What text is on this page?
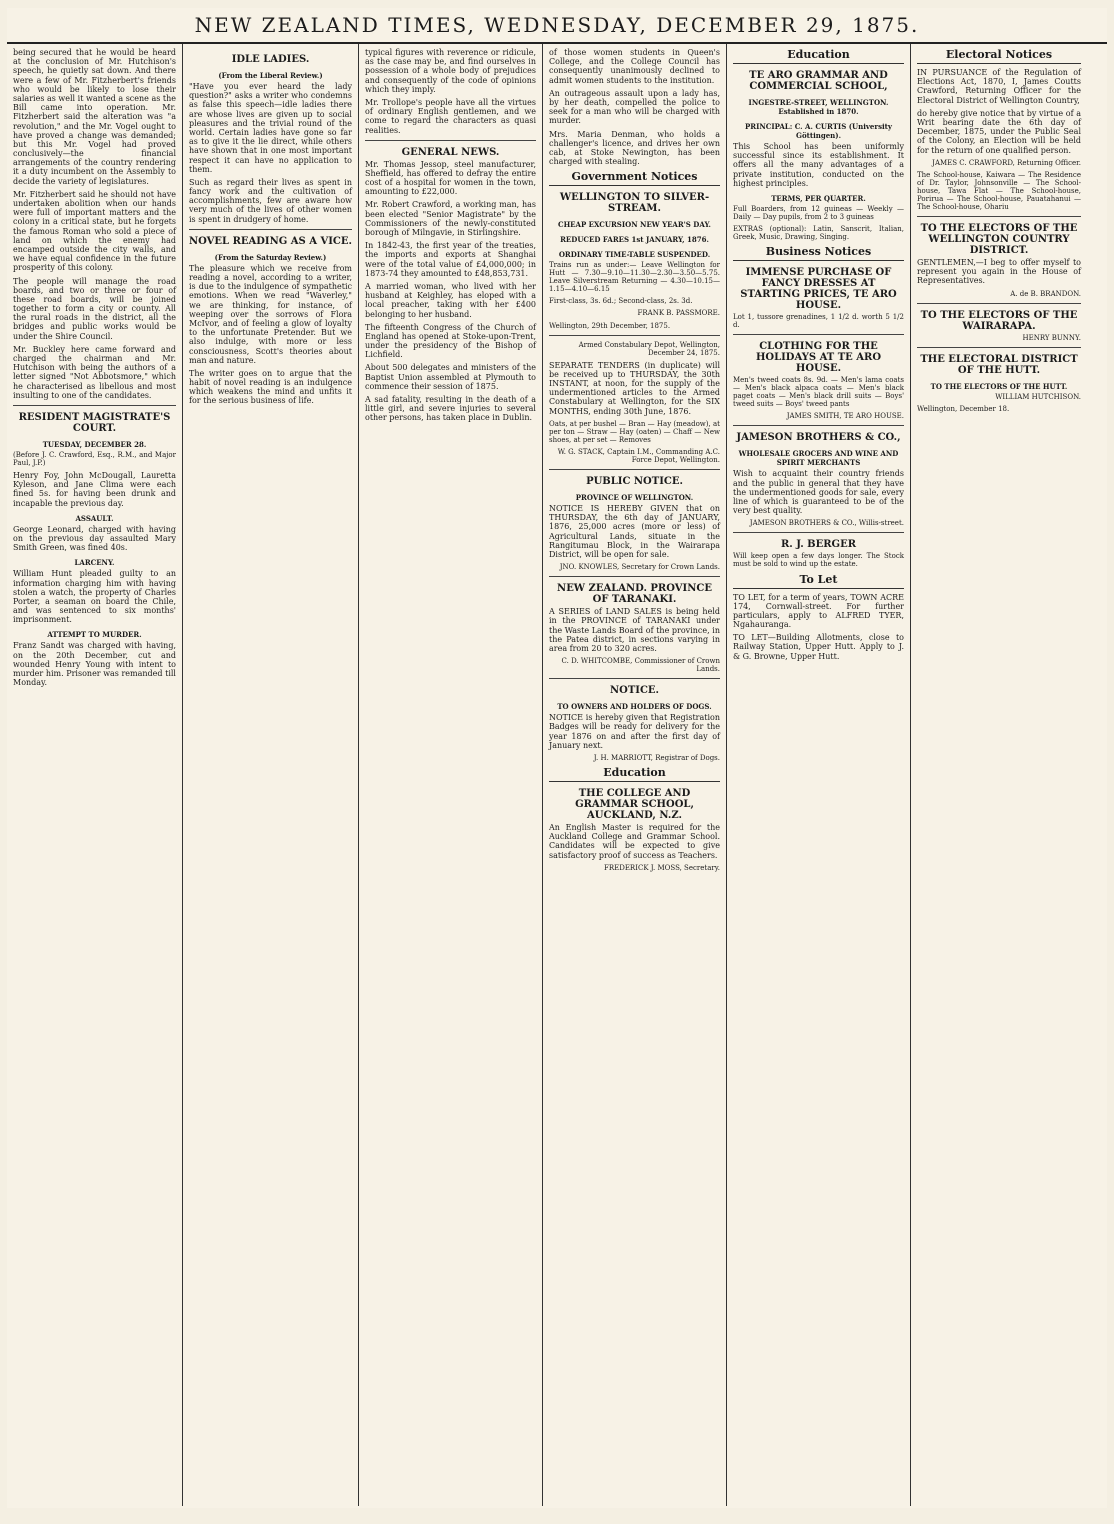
NEW ZEALAND TIMES, WEDNESDAY, DECEMBER 29, 1875.
being secured that he would be heard at the conclusion of Mr. Hutchison's speech, he quietly sat down. And there were a few of Mr. Fitzherbert's friends who would be likely to lose their salaries as well it wanted a scene as the Bill came into operation. Mr. Fitzherbert said the alteration was "a revolution," and the Mr. Vogel ought to have proved a change was demanded; but this Mr. Vogel had proved conclusively—the financial arrangements of the country rendering it a duty incumbent on the Assembly to decide the variety of legislatures.
Mr. Fitzherbert said he should not have undertaken abolition when our hands were full of important matters and the colony in a critical state, but he forgets the famous Roman who sold a piece of land on which the enemy had encamped outside the city walls, and we have equal confidence in the future prosperity of this colony.
The people will manage the road boards, and two or three or four of these road boards, will be joined together to form a city or county. All the rural roads in the district, all the bridges and public works would be under the Shire Council.
Mr. Buckley here came forward and charged the chairman and Mr. Hutchison with being the authors of a letter signed "Not Abbotsmore," which he characterised as libellous and most insulting to one of the candidates.
RESIDENT MAGISTRATE'S COURT.
TUESDAY, DECEMBER 28.
(Before J. C. Crawford, Esq., R.M., and Major Paul, J.P.)
Henry Foy, John McDougall, Lauretta Kyleson, and Jane Clima were each fined 5s. for having been drunk and incapable the previous day.
ASSAULT.
George Leonard, charged with having on the previous day assaulted Mary Smith Green, was fined 40s.
LARCENY.
William Hunt pleaded guilty to an information charging him with having stolen a watch, the property of Charles Porter, a seaman on board the Chile, and was sentenced to six months' imprisonment.
ATTEMPT TO MURDER.
Franz Sandt was charged with having, on the 20th December, cut and wounded Henry Young with intent to murder him. Prisoner was remanded till Monday.
IDLE LADIES.
(From the Liberal Review.)
"Have you ever heard the lady question?" asks a writer who condemns as false this speech—idle ladies there are whose lives are given up to social pleasures and the trivial round of the world. Certain ladies have gone so far as to give it the lie direct, while others have shown that in one most important respect it can have no application to them.
Such as regard their lives as spent in fancy work and the cultivation of accomplishments, few are aware how very much of the lives of other women is spent in drudgery of home.
NOVEL READING AS A VICE.
(From the Saturday Review.)
The pleasure which we receive from reading a novel, according to a writer, is due to the indulgence of sympathetic emotions. When we read "Waverley," we are thinking, for instance, of weeping over the sorrows of Flora McIvor, and of feeling a glow of loyalty to the unfortunate Pretender. But we also indulge, with more or less consciousness, Scott's theories about man and nature.
The writer goes on to argue that the habit of novel reading is an indulgence which weakens the mind and unfits it for the serious business of life.
typical figures with reverence or ridicule, as the case may be, and find ourselves in possession of a whole body of prejudices and consequently of the code of opinions which they imply.
Mr. Trollope's people have all the virtues of ordinary English gentlemen, and we come to regard the characters as quasi realities.
GENERAL NEWS.
Mr. Thomas Jessop, steel manufacturer, Sheffield, has offered to defray the entire cost of a hospital for women in the town, amounting to £22,000.
Mr. Robert Crawford, a working man, has been elected "Senior Magistrate" by the Commissioners of the newly-constituted borough of Milngavie, in Stirlingshire.
In 1842-43, the first year of the treaties, the imports and exports at Shanghai were of the total value of £4,000,000; in 1873-74 they amounted to £48,853,731.
A married woman, who lived with her husband at Keighley, has eloped with a local preacher, taking with her £400 belonging to her husband.
The fifteenth Congress of the Church of England has opened at Stoke-upon-Trent, under the presidency of the Bishop of Lichfield.
About 500 delegates and ministers of the Baptist Union assembled at Plymouth to commence their session of 1875.
A sad fatality, resulting in the death of a little girl, and severe injuries to several other persons, has taken place in Dublin.
of those women students in Queen's College, and the College Council has consequently unanimously declined to admit women students to the institution.
An outrageous assault upon a lady has, by her death, compelled the police to seek for a man who will be charged with murder.
Mrs. Maria Denman, who holds a challenger's licence, and drives her own cab, at Stoke Newington, has been charged with stealing.
Government Notices
WELLINGTON TO SILVER-STREAM.
CHEAP EXCURSION NEW YEAR'S DAY.
REDUCED FARES 1st JANUARY, 1876.
ORDINARY TIME-TABLE SUSPENDED.
Trains run as under:— Leave Wellington for Hutt — 7.30—9.10—11.30—2.30—3.50—5.75. Leave Silverstream Returning — 4.30—10.15—1.15—4.10—6.15
First-class, 3s. 6d.; Second-class, 2s. 3d.
FRANK B. PASSMORE.
Wellington, 29th December, 1875.
Armed Constabulary Depot, Wellington, December 24, 1875.
SEPARATE TENDERS (in duplicate) will be received up to THURSDAY, the 30th INSTANT, at noon, for the supply of the undermentioned articles to the Armed Constabulary at Wellington, for the SIX MONTHS, ending 30th June, 1876.
Oats, at per bushel — Bran — Hay (meadow), at per ton — Straw — Hay (oaten) — Chaff — New shoes, at per set — Removes
W. G. STACK, Captain I.M., Commanding A.C. Force Depot, Wellington.
PUBLIC NOTICE.
PROVINCE OF WELLINGTON.
NOTICE IS HEREBY GIVEN that on THURSDAY, the 6th day of JANUARY, 1876, 25,000 acres (more or less) of Agricultural Lands, situate in the Rangitumau Block, in the Wairarapa District, will be open for sale.
JNO. KNOWLES, Secretary for Crown Lands.
NEW ZEALAND. PROVINCE OF TARANAKI.
A SERIES of LAND SALES is being held in the PROVINCE of TARANAKI under the Waste Lands Board of the province, in the Patea district, in sections varying in area from 20 to 320 acres.
C. D. WHITCOMBE, Commissioner of Crown Lands.
NOTICE.
TO OWNERS AND HOLDERS OF DOGS.
NOTICE is hereby given that Registration Badges will be ready for delivery for the year 1876 on and after the first day of January next.
J. H. MARRIOTT, Registrar of Dogs.
Education
THE COLLEGE AND GRAMMAR SCHOOL, AUCKLAND, N.Z.
An English Master is required for the Auckland College and Grammar School. Candidates will be expected to give satisfactory proof of success as Teachers.
FREDERICK J. MOSS, Secretary.
Education
TE ARO GRAMMAR AND COMMERCIAL SCHOOL,
INGESTRE-STREET, WELLINGTON. Established in 1870.
PRINCIPAL: C. A. CURTIS (University Göttingen).
This School has been uniformly successful since its establishment. It offers all the many advantages of a private institution, conducted on the highest principles.
TERMS, PER QUARTER.
Full Boarders, from 12 guineas — Weekly — Daily — Day pupils, from 2 to 3 guineas
EXTRAS (optional): Latin, Sanscrit, Italian, Greek, Music, Drawing, Singing.
Business Notices
IMMENSE PURCHASE OF FANCY DRESSES AT STARTING PRICES, TE ARO HOUSE.
Lot 1, tussore grenadines, 1 1/2 d. worth 5 1/2 d.
CLOTHING FOR THE HOLIDAYS AT TE ARO HOUSE.
Men's tweed coats 8s. 9d. — Men's lama coats — Men's black alpaca coats — Men's black paget coats — Men's black drill suits — Boys' tweed suits — Boys' tweed pants
JAMES SMITH, TE ARO HOUSE.
JAMESON BROTHERS & CO.,
WHOLESALE GROCERS AND WINE AND SPIRIT MERCHANTS
Wish to acquaint their country friends and the public in general that they have the undermentioned goods for sale, every line of which is guaranteed to be of the very best quality.
JAMESON BROTHERS & CO., Willis-street.
R. J. BERGER
Will keep open a few days longer. The Stock must be sold to wind up the estate.
To Let
TO LET, for a term of years, TOWN ACRE 174, Cornwall-street. For further particulars, apply to ALFRED TYER, Ngahauranga.
TO LET—Building Allotments, close to Railway Station, Upper Hutt. Apply to J. & G. Browne, Upper Hutt.
Electoral Notices
IN PURSUANCE of the Regulation of Elections Act, 1870, I, James Coutts Crawford, Returning Officer for the Electoral District of Wellington Country,
do hereby give notice that by virtue of a Writ bearing date the 6th day of December, 1875, under the Public Seal of the Colony, an Election will be held for the return of one qualified person.
JAMES C. CRAWFORD, Returning Officer.
The School-house, Kaiwara — The Residence of Dr. Taylor, Johnsonville — The School-house, Tawa Flat — The School-house, Porirua — The School-house, Pauatahanui — The School-house, Ohariu
TO THE ELECTORS OF THE WELLINGTON COUNTRY DISTRICT.
GENTLEMEN,—I beg to offer myself to represent you again in the House of Representatives.
A. de B. BRANDON.
TO THE ELECTORS OF THE WAIRARAPA.
HENRY BUNNY.
THE ELECTORAL DISTRICT OF THE HUTT.
TO THE ELECTORS OF THE HUTT.
WILLIAM HUTCHISON.
Wellington, December 18.
